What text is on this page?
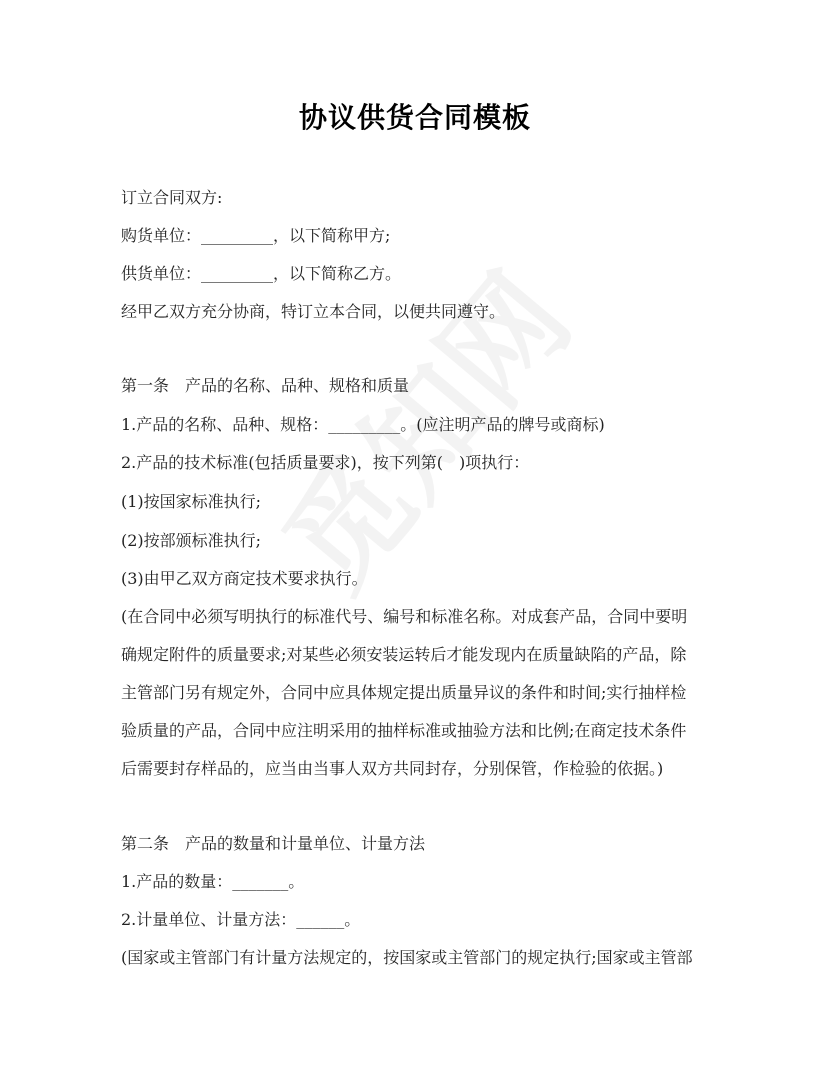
协议供货合同模板
订立合同双方:
购货单位：_________，以下简称甲方;
供货单位：_________，以下简称乙方。
经甲乙双方充分协商，特订立本合同，以便共同遵守。
第一条　产品的名称、品种、规格和质量
1.产品的名称、品种、规格：_________。(应注明产品的牌号或商标)
2.产品的技术标准(包括质量要求)，按下列第(　)项执行：
(1)按国家标准执行;
(2)按部颁标准执行;
(3)由甲乙双方商定技术要求执行。
(在合同中必须写明执行的标准代号、编号和标准名称。对成套产品，合同中要明
确规定附件的质量要求;对某些必须安装运转后才能发现内在质量缺陷的产品，除
主管部门另有规定外，合同中应具体规定提出质量异议的条件和时间;实行抽样检
验质量的产品，合同中应注明采用的抽样标准或抽验方法和比例;在商定技术条件
后需要封存样品的，应当由当事人双方共同封存，分别保管，作检验的依据。)
第二条　产品的数量和计量单位、计量方法
1.产品的数量：_______。
2.计量单位、计量方法：______。
(国家或主管部门有计量方法规定的，按国家或主管部门的规定执行;国家或主管部
